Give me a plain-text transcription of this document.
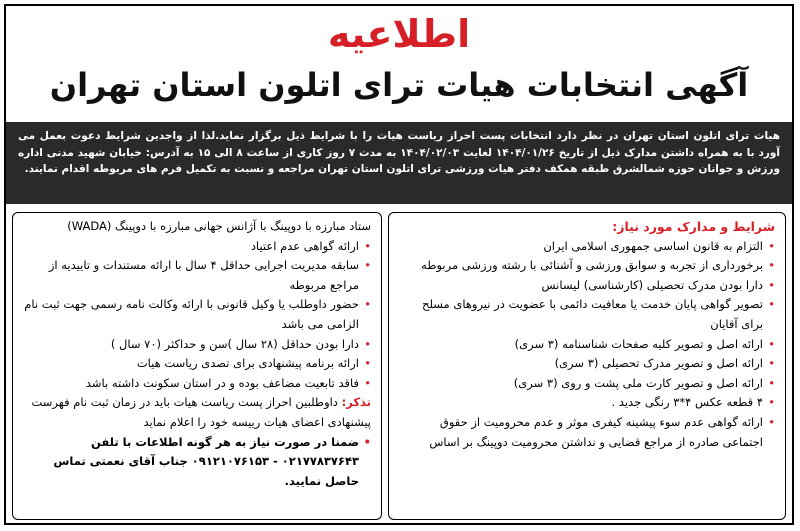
اطلاعیه
آگهی انتخابات هیات ترای اتلون استان تهران
هیات ترای اتلون استان تهران در نظر دارد انتخابات پست احراز ریاست هیات را با شرایط ذیل برگزار نماید.لذا از واجدین شرایط دعوت بعمل می آورد با به همراه داشتن مدارک ذیل از تاریخ ۱۴۰۴/۰۱/۲۶ لغایت ۱۴۰۴/۰۲/۰۳ به مدت ۷ روز کاری از ساعت ۸ الی ۱۵ به آدرس: خیابان شهید مدنی اداره ورزش و جوانان حوزه شمالشرق طبقه همکف دفتر هیات ورزشی ترای اتلون استان تهران مراجعه و نسبت به تکمیل فرم های مربوطه اقدام نمایند.
شرایط و مدارک مورد نیاز:
• التزام به قانون اساسی جمهوری اسلامی ایران
• برخورداری از تجربه و سوابق ورزشی و آشنائی با رشته ورزشی مربوطه
• دارا بودن مدرک تحصیلی (کارشناسی) لیسانس
• تصویر گواهی پایان خدمت یا معافیت دائمی با عضویت در نیروهای مسلح برای آقایان
• ارائه اصل و تصویر کلیه صفحات شناسنامه (۳ سری)
• ارائه اصل و تصویر مدرک تحصیلی (۳ سری)
• ارائه اصل و تصویر کارت ملی پشت و روی (۳ سری)
• ۴ قطعه عکس ۴*۳ رنگی جدید .
• ارائه گواهی عدم سوء پیشینه کیفری موثر و عدم محرومیت از حقوق اجتماعی صادره از مراجع قضایی و نداشتن محرومیت دوپینگ بر اساس
ستاد مبارزه با دوپینگ با آژانس جهانی مبارزه با دوپینگ (WADA)
• ارائه گواهی عدم اعتیاد
• سابقه مدیریت اجرایی حداقل ۴ سال با ارائه مستندات و تاییدیه از مراجع مربوطه
• حضور داوطلب یا وکیل قانونی با ارائه وکالت نامه رسمی جهت ثبت نام الزامی می باشد
• دارا بودن حداقل (۲۸ سال )سن و حداکثر (۷۰ سال )
• ارائه برنامه پیشنهادی برای تصدی ریاست هیات
• فاقد تابعیت مضاعف بوده و در استان سکونت داشته باشد
تذکر: داوطلبین احراز پست ریاست هیات باید در زمان ثبت نام فهرست پیشنهادی اعضای هیات رییسه خود را اعلام نماید
• ضمنا در صورت نیاز به هر گونه اطلاعات با تلفن ۰۲۱۷۷۸۳۷۶۴۳ - ۰۹۱۲۱۰۷۶۱۵۳ جناب آقای نعمتی تماس حاصل نمایید.
